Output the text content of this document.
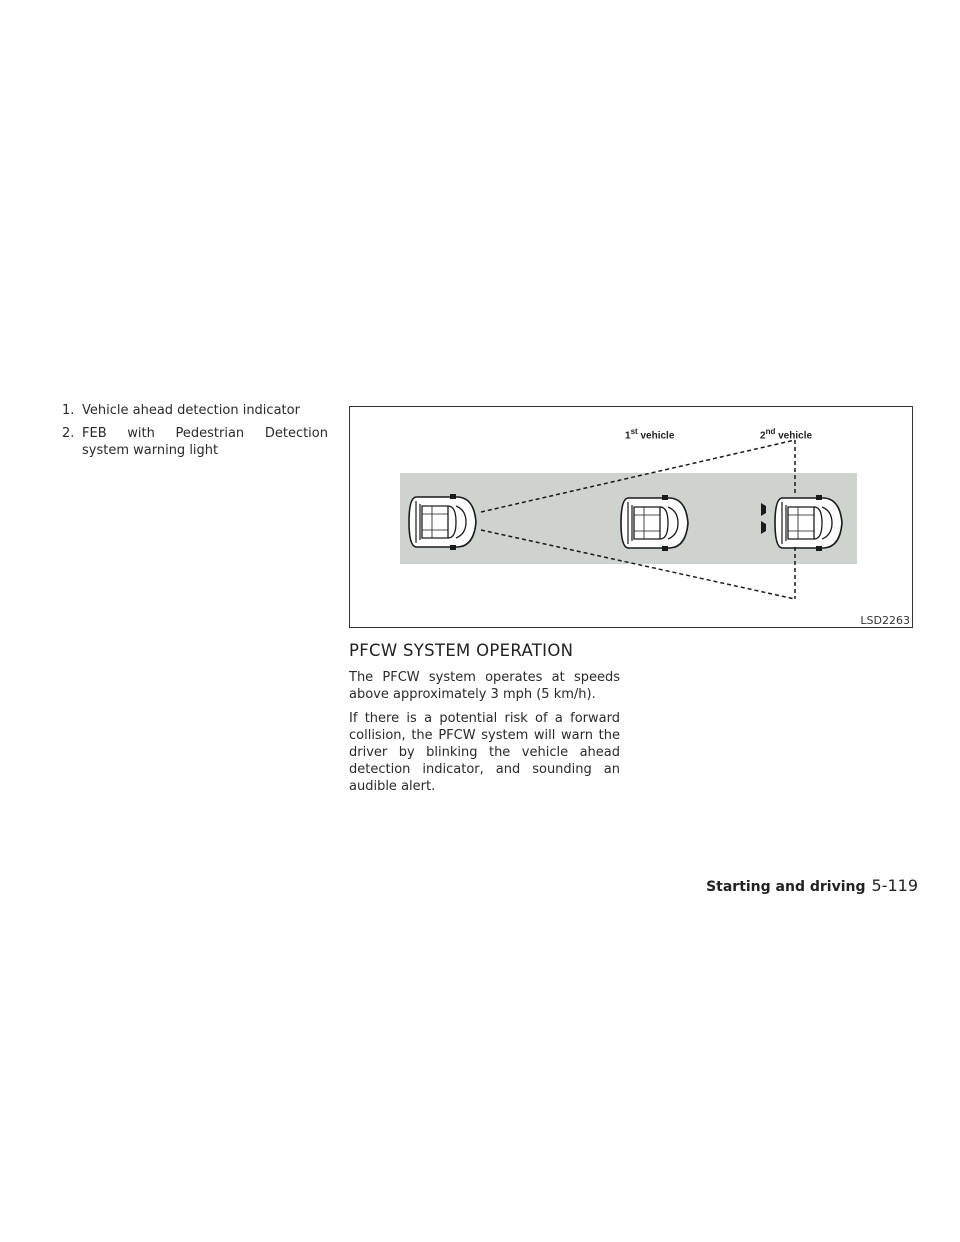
1. Vehicle ahead detection indicator
2. FEB with Pedestrian Detection system warning light
1st vehicle	2nd vehicle
LSD2263
PFCW SYSTEM OPERATION

The PFCW system operates at speeds above approximately 3 mph (5 km/h).

If there is a potential risk of a forward collision, the PFCW system will warn the driver by blinking the vehicle ahead detection indicator, and sounding an audible alert.

Starting and driving 5-119
